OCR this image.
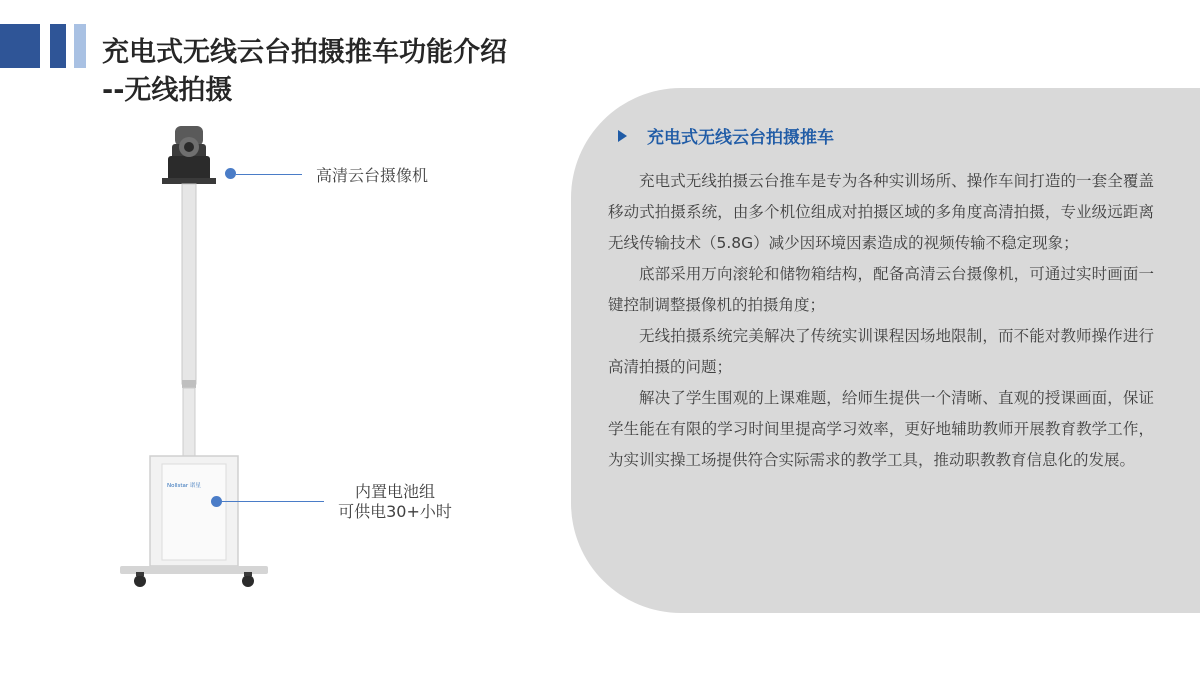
充电式无线云台拍摄推车功能介绍
--无线拍摄
Nollstar 诺星
高清云台摄像机
内置电池组
可供电30+小时
充电式无线云台拍摄推车

充电式无线拍摄云台推车是专为各种实训场所、操作车间打造的一套全覆盖移动式拍摄系统，由多个机位组成对拍摄区域的多角度高清拍摄，专业级远距离无线传输技术（5.8G）减少因环境因素造成的视频传输不稳定现象；

底部采用万向滚轮和储物箱结构，配备高清云台摄像机，可通过实时画面一键控制调整摄像机的拍摄角度；

无线拍摄系统完美解决了传统实训课程因场地限制，而不能对教师操作进行高清拍摄的问题；

解决了学生围观的上课难题，给师生提供一个清晰、直观的授课画面，保证学生能在有限的学习时间里提高学习效率，更好地辅助教师开展教育教学工作，为实训实操工场提供符合实际需求的教学工具，推动职教教育信息化的发展。
